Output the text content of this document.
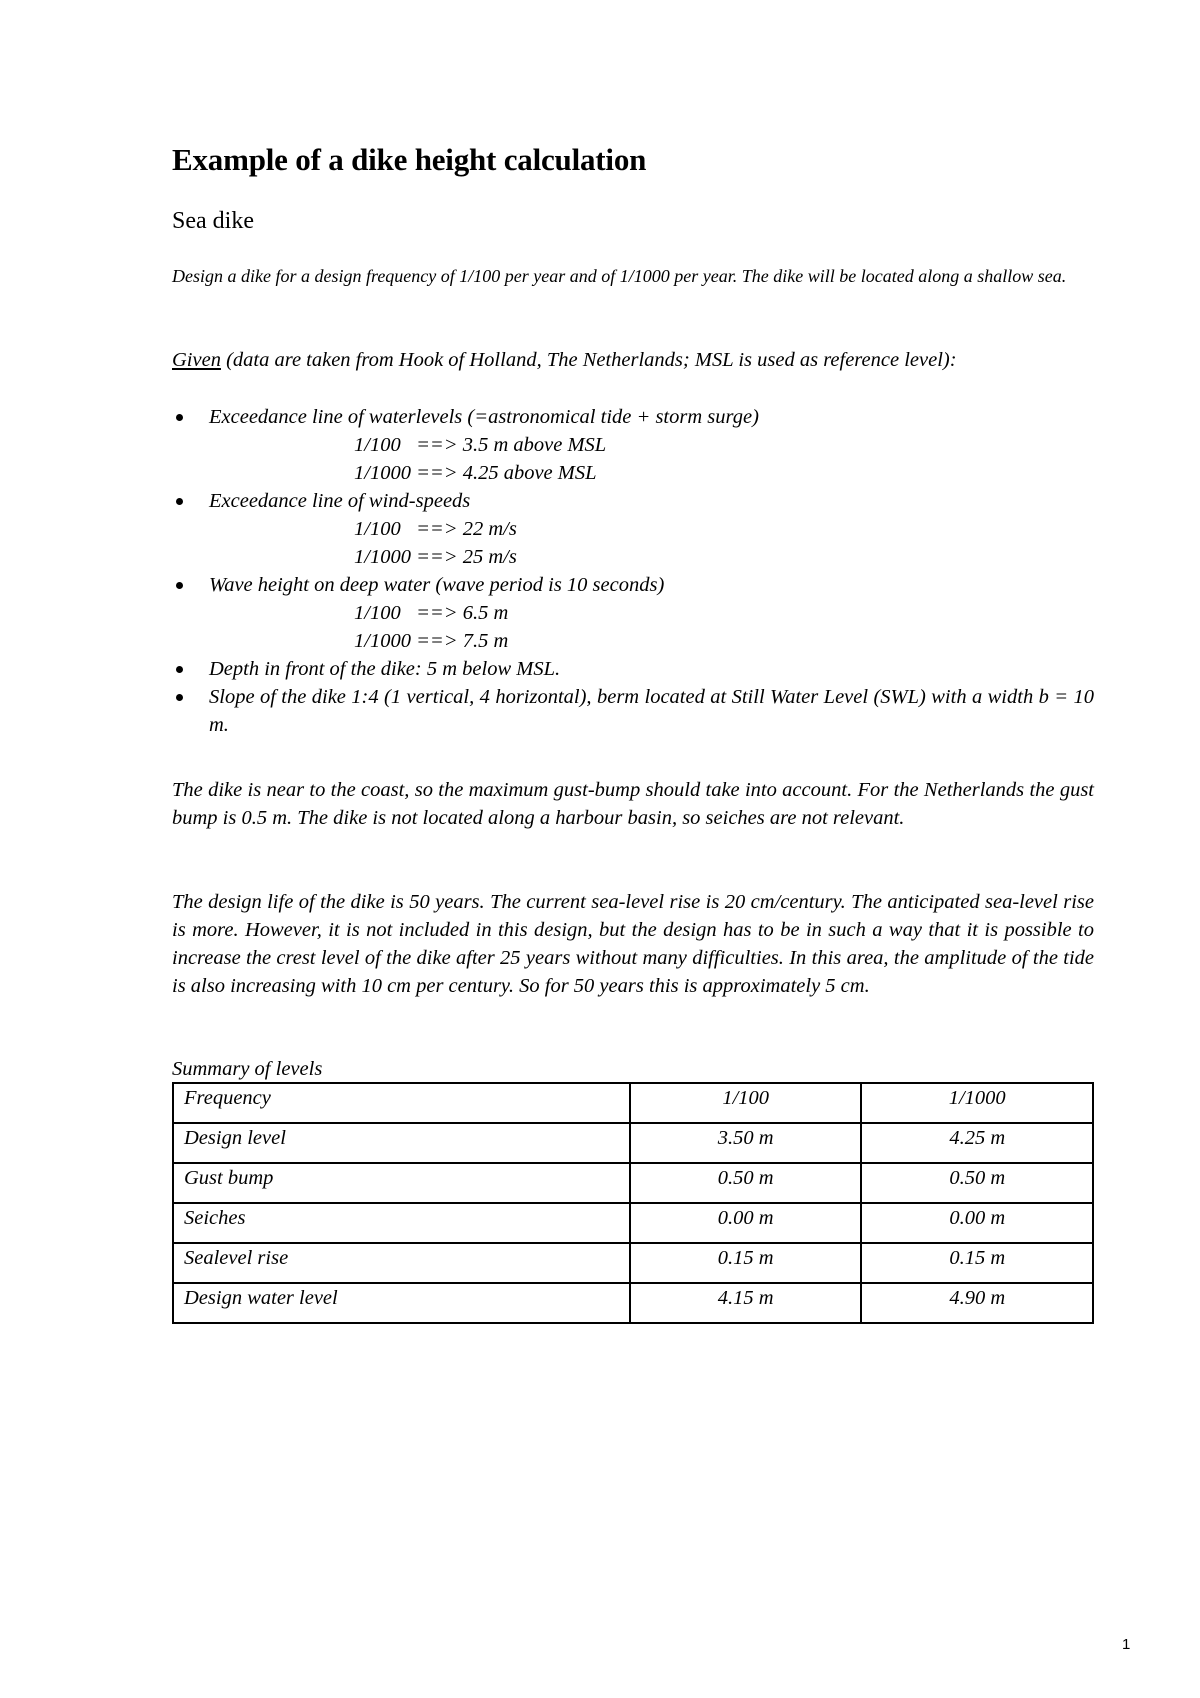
Example of a dike height calculation
Sea dike
Design a dike for a design frequency of 1/100 per year and of 1/1000 per year. The dike will be located along a shallow sea.
Given (data are taken from Hook of Holland, The Netherlands; MSL is used as reference level):
Exceedance line of waterlevels (=astronomical tide + storm surge)
1/100   ==> 3.5 m above MSL
1/1000 ==> 4.25 above MSL
Exceedance line of wind-speeds
1/100   ==> 22 m/s
1/1000 ==> 25 m/s
Wave height on deep water (wave period is 10 seconds)
1/100   ==> 6.5 m
1/1000 ==> 7.5 m
Depth in front of the dike: 5 m below MSL.
Slope of the dike 1:4 (1 vertical, 4 horizontal), berm located at Still Water Level (SWL) with a width b = 10 m.
The dike is near to the coast, so the maximum gust-bump should take into account. For the Netherlands the gust bump is 0.5 m. The dike is not located along a harbour basin, so seiches are not relevant.
The design life of the dike is 50 years. The current sea-level rise is 20 cm/century. The anticipated sea-level rise is more. However, it is not included in this design, but the design has to be in such a way that it is possible to increase the crest level of the dike after 25 years without many difficulties. In this area, the amplitude of the tide is also increasing with 10 cm per century. So for 50 years this is approximately 5 cm.
Summary of levels
Frequency	1/100	1/1000
Design level	3.50 m	4.25 m
Gust bump	0.50 m	0.50 m
Seiches	0.00 m	0.00 m
Sealevel rise	0.15 m	0.15 m
Design water level	4.15 m	4.90 m
1
